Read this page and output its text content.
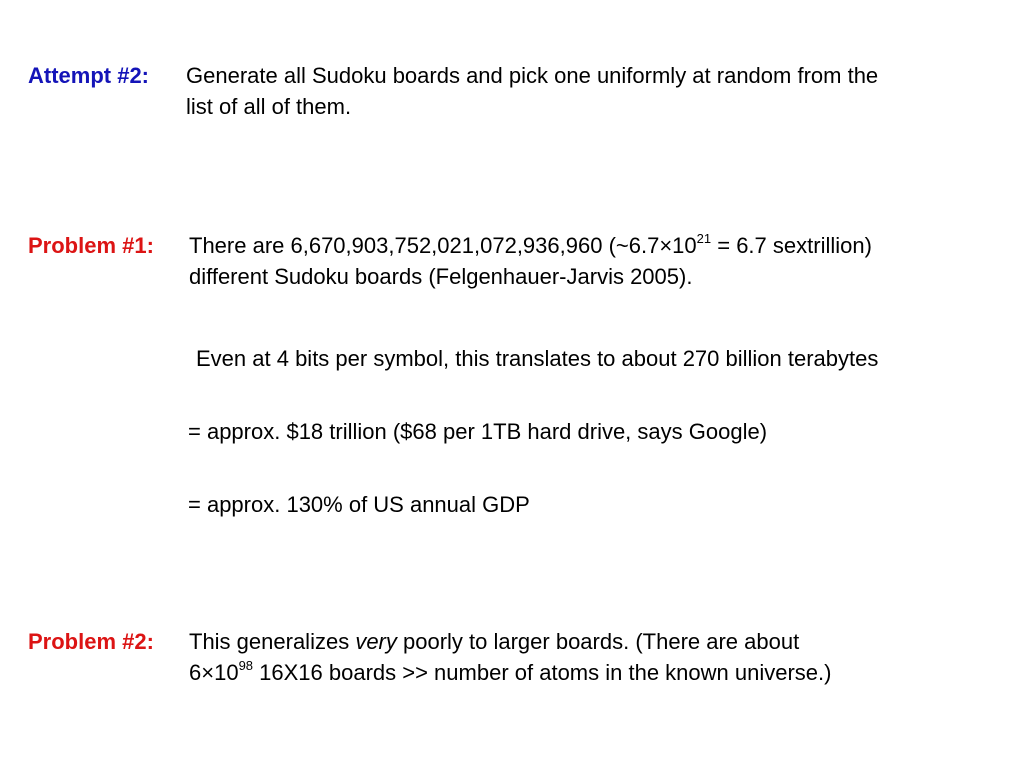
Attempt #2: Generate all Sudoku boards and pick one uniformly at random from the
list of all of them.
Problem #1: There are 6,670,903,752,021,072,936,960 ($\sim 6.7\times 10^{21} = 6.7$ sextrillion)
different Sudoku boards (Felgenhauer-Jarvis 2005).
Even at 4 bits per symbol, this translates to about 270 billion terabytes
= approx. $18 trillion ($68 per 1TB hard drive, says Google)
= approx. 130% of US annual GDP
Problem #2: This generalizes very poorly to larger boards. (There are about
$6\times 10^{98}$ 16X16 boards >> number of atoms in the known universe.)
